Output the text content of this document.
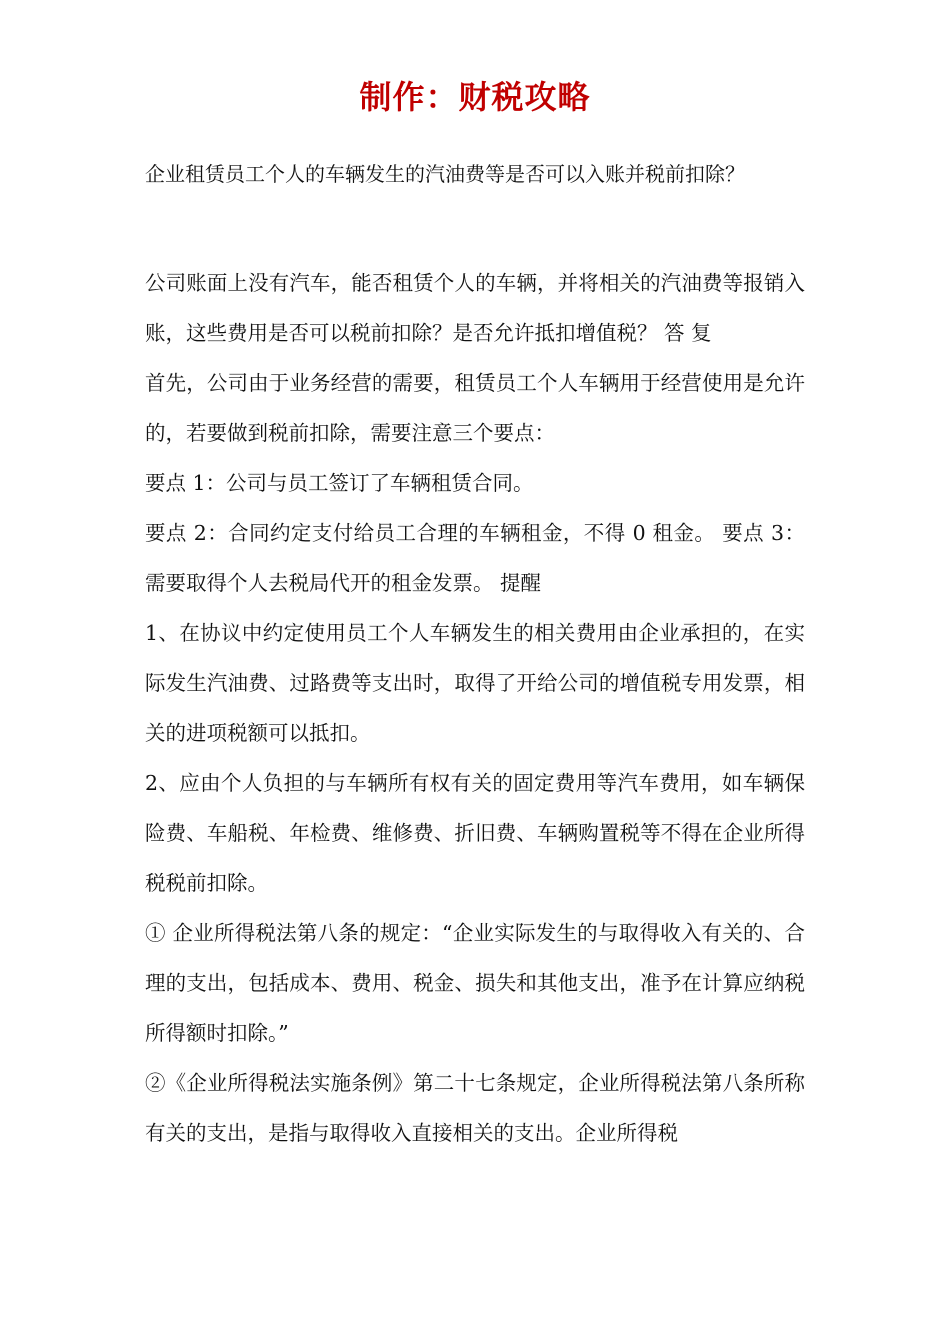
制作：财税攻略

企业租赁员工个人的车辆发生的汽油费等是否可以入账并税前扣除？

公司账面上没有汽车，能否租赁个人的车辆，并将相关的汽油费等报销入账，这些费用是否可以税前扣除？是否允许抵扣增值税？ 答 复

首先，公司由于业务经营的需要，租赁员工个人车辆用于经营使用是允许的，若要做到税前扣除，需要注意三个要点：

要点 1：公司与员工签订了车辆租赁合同。

要点 2：合同约定支付给员工合理的车辆租金，不得 0 租金。 要点 3：需要取得个人去税局代开的租金发票。 提醒

1、在协议中约定使用员工个人车辆发生的相关费用由企业承担的，在实际发生汽油费、过路费等支出时，取得了开给公司的增值税专用发票，相关的进项税额可以抵扣。

2、应由个人负担的与车辆所有权有关的固定费用等汽车费用，如车辆保险费、车船税、年检费、维修费、折旧费、车辆购置税等不得在企业所得税税前扣除。

① 企业所得税法第八条的规定：“企业实际发生的与取得收入有关的、合理的支出，包括成本、费用、税金、损失和其他支出，准予在计算应纳税所得额时扣除。”

②《企业所得税法实施条例》第二十七条规定，企业所得税法第八条所称有关的支出，是指与取得收入直接相关的支出。企业所得税
